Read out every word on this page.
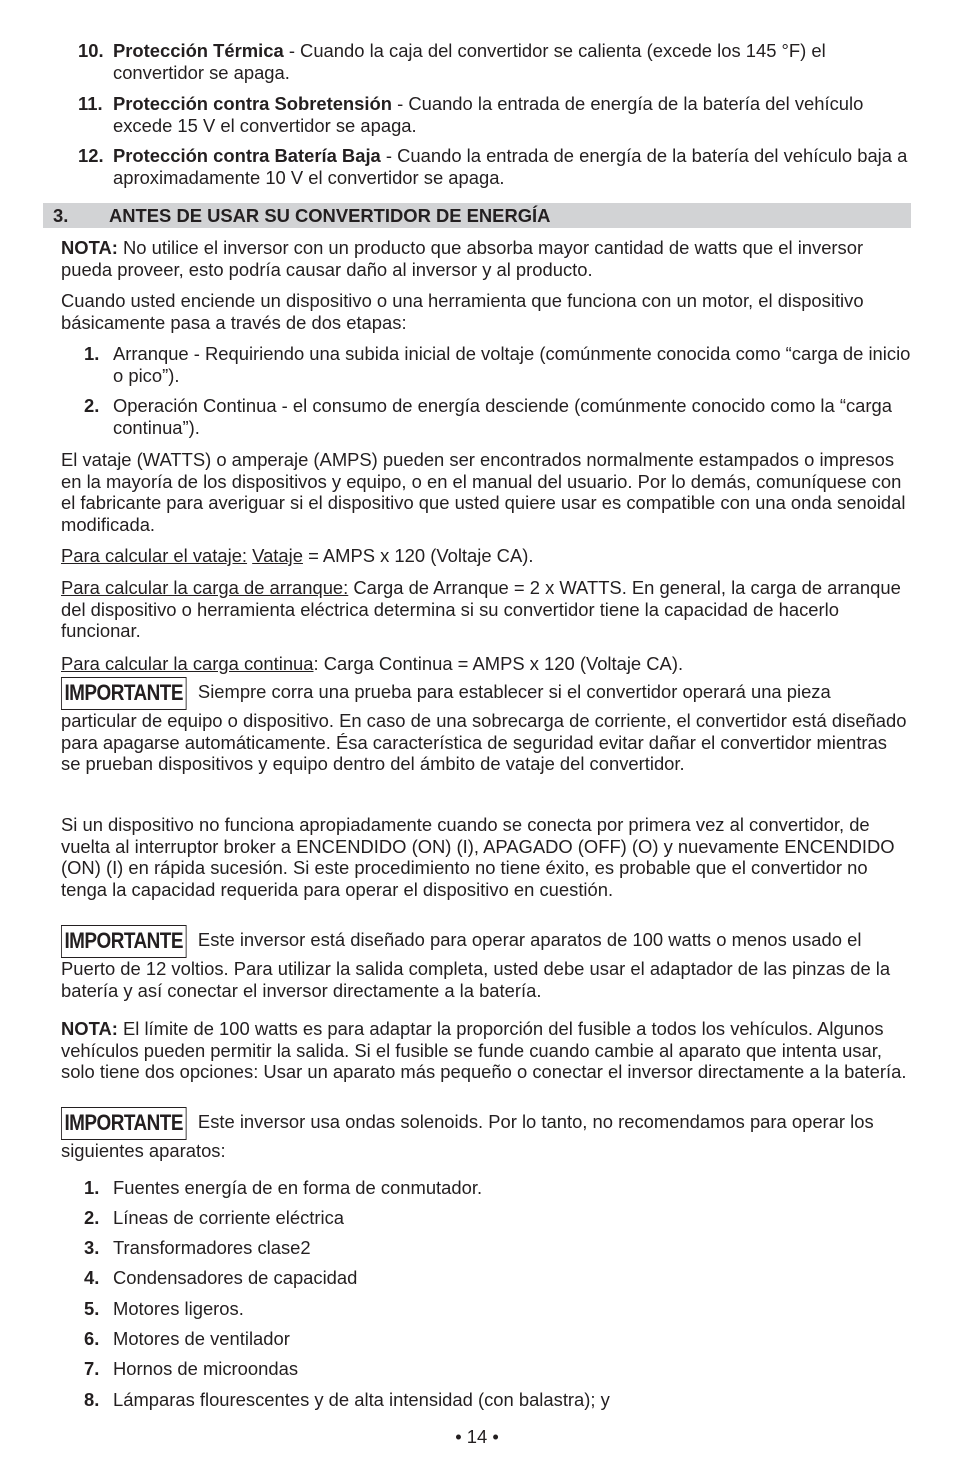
10. Protección Térmica - Cuando la caja del convertidor se calienta (excede los 145 °F) el convertidor se apaga.
11. Protección contra Sobretensión - Cuando la entrada de energía de la batería del vehículo excede 15 V el convertidor se apaga.
12. Protección contra Batería Baja - Cuando la entrada de energía de la batería del vehículo baja a aproximadamente 10 V el convertidor se apaga.
3. ANTES DE USAR SU CONVERTIDOR DE ENERGÍA
NOTA: No utilice el inversor con un producto que absorba mayor cantidad de watts que el inversor pueda proveer, esto podría causar daño al inversor y al producto.
Cuando usted enciende un dispositivo o una herramienta que funciona con un motor, el dispositivo básicamente pasa a través de dos etapas:
1. Arranque - Requiriendo una subida inicial de voltaje (comúnmente conocida como “carga de inicio o pico”).
2. Operación Continua - el consumo de energía desciende (comúnmente conocido como la “carga continua”).
El vataje (WATTS) o amperaje (AMPS) pueden ser encontrados normalmente estampados o impresos en la mayoría de los dispositivos y equipo, o en el manual del usuario. Por lo demás, comuníquese con el fabricante para averiguar si el dispositivo que usted quiere usar es compatible con una onda senoidal modificada.
Para calcular el vataje: Vataje = AMPS x 120 (Voltaje CA).
Para calcular la carga de arranque: Carga de Arranque = 2 x WATTS. En general, la carga de arranque del dispositivo o herramienta eléctrica determina si su convertidor tiene la capacidad de hacerlo funcionar.
Para calcular la carga continua: Carga Continua = AMPS x 120 (Voltaje CA).
IMPORTANTE Siempre corra una prueba para establecer si el convertidor operará una pieza particular de equipo o dispositivo. En caso de una sobrecarga de corriente, el convertidor está diseñado para apagarse automáticamente. Ésa característica de seguridad evitar dañar el convertidor mientras se prueban dispositivos y equipo dentro del ámbito de vataje del convertidor.
Si un dispositivo no funciona apropiadamente cuando se conecta por primera vez al convertidor, de vuelta al interruptor broker a ENCENDIDO (ON) (I), APAGADO (OFF) (O) y nuevamente ENCENDIDO (ON) (I) en rápida sucesión. Si este procedimiento no tiene éxito, es probable que el convertidor no tenga la capacidad requerida para operar el dispositivo en cuestión.
IMPORTANTE Este inversor está diseñado para operar aparatos de 100 watts o menos usado el Puerto de 12 voltios. Para utilizar la salida completa, usted debe usar el adaptador de las pinzas de la batería y así conectar el inversor directamente a la batería.
NOTA: El límite de 100 watts es para adaptar la proporción del fusible a todos los vehículos. Algunos vehículos pueden permitir la salida. Si el fusible se funde cuando cambie al aparato que intenta usar, solo tiene dos opciones: Usar un aparato más pequeño o conectar el inversor directamente a la batería.
IMPORTANTE Este inversor usa ondas solenoids. Por lo tanto, no recomendamos para operar los siguientes aparatos:
1. Fuentes energía de en forma de conmutador.
2. Líneas de corriente eléctrica
3. Transformadores clase2
4. Condensadores de capacidad
5. Motores ligeros.
6. Motores de ventilador
7. Hornos de microondas
8. Lámparas flourescentes y de alta intensidad (con balastra); y
• 14 •
